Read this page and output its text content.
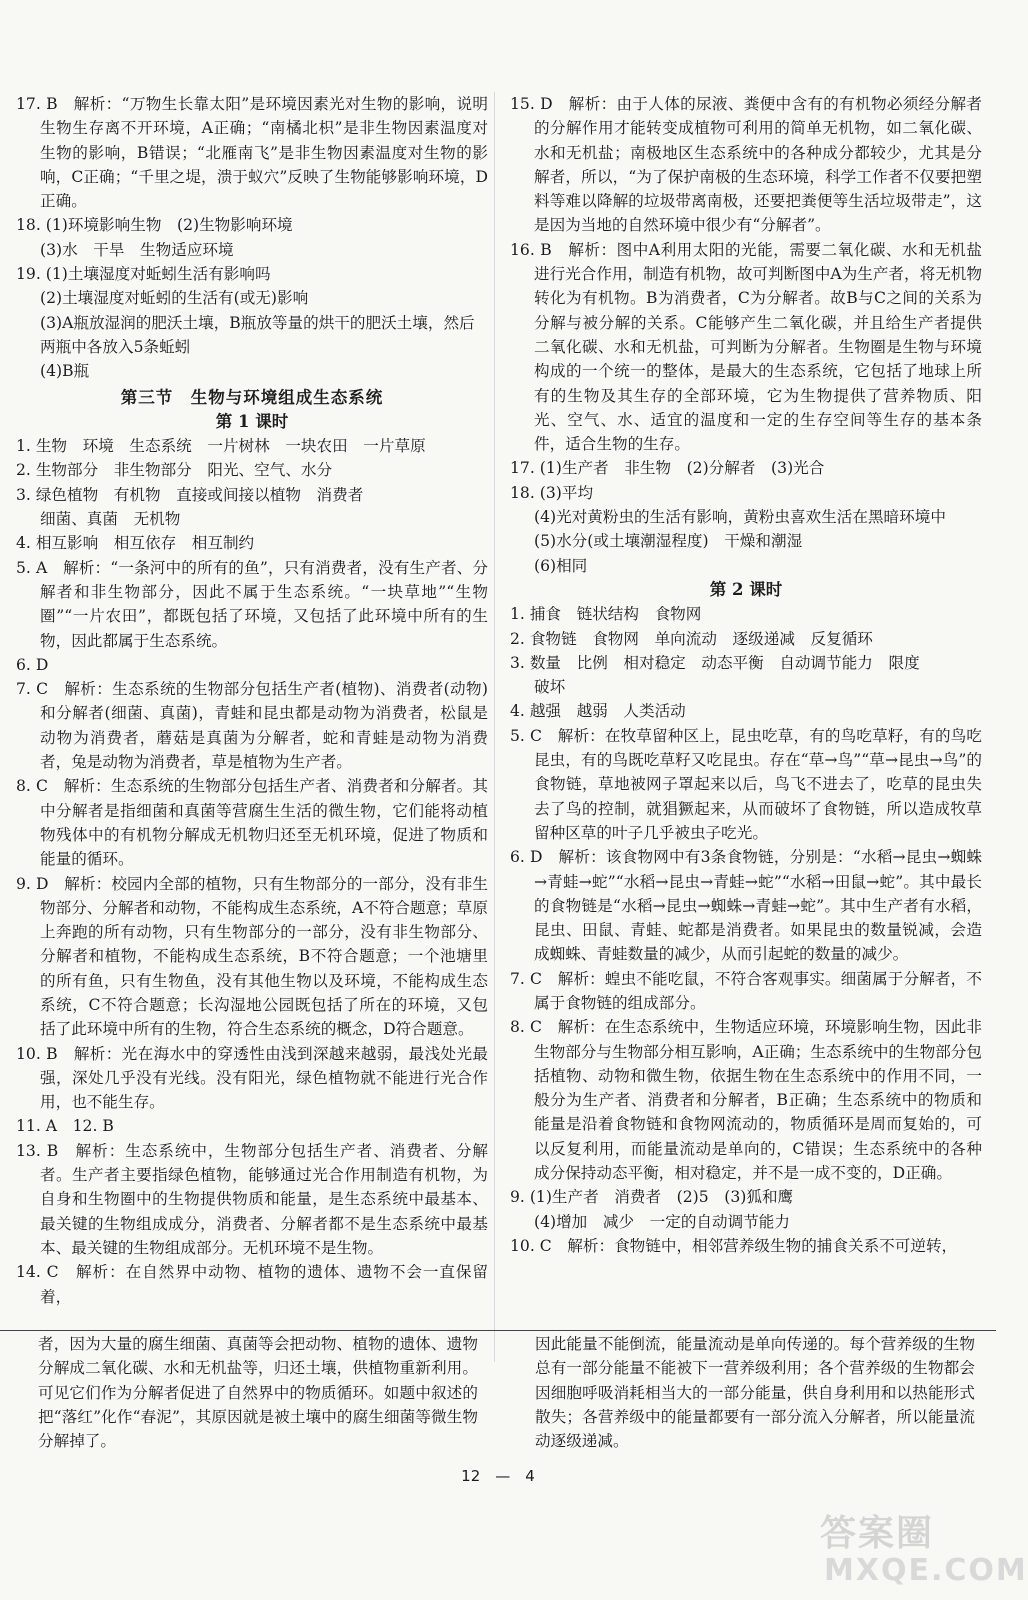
17. B　解析：“万物生长靠太阳”是环境因素光对生物的影响，说明生物生存离不开环境，A正确；“南橘北枳”是非生物因素温度对生物的影响，B错误；“北雁南飞”是非生物因素温度对生物的影响，C正确；“千里之堤，溃于蚁穴”反映了生物能够影响环境，D正确。

18. (1)环境影响生物　(2)生物影响环境

(3)水　干旱　生物适应环境

19. (1)土壤湿度对蚯蚓生活有影响吗

(2)土壤湿度对蚯蚓的生活有(或无)影响

(3)A瓶放湿润的肥沃土壤，B瓶放等量的烘干的肥沃土壤，然后两瓶中各放入5条蚯蚓

(4)B瓶

第三节　生物与环境组成生态系统

第 1 课时

1. 生物　环境　生态系统　一片树林　一块农田　一片草原

2. 生物部分　非生物部分　阳光、空气、水分

3. 绿色植物　有机物　直接或间接以植物　消费者

细菌、真菌　无机物

4. 相互影响　相互依存　相互制约

5. A　解析：“一条河中的所有的鱼”，只有消费者，没有生产者、分解者和非生物部分，因此不属于生态系统。“一块草地”“生物圈”“一片农田”，都既包括了环境，又包括了此环境中所有的生物，因此都属于生态系统。

6. D

7. C　解析：生态系统的生物部分包括生产者(植物)、消费者(动物)和分解者(细菌、真菌)，青蛙和昆虫都是动物为消费者，松鼠是动物为消费者，蘑菇是真菌为分解者，蛇和青蛙是动物为消费者，兔是动物为消费者，草是植物为生产者。

8. C　解析：生态系统的生物部分包括生产者、消费者和分解者。其中分解者是指细菌和真菌等营腐生生活的微生物，它们能将动植物残体中的有机物分解成无机物归还至无机环境，促进了物质和能量的循环。

9. D　解析：校园内全部的植物，只有生物部分的一部分，没有非生物部分、分解者和动物，不能构成生态系统，A不符合题意；草原上奔跑的所有动物，只有生物部分的一部分，没有非生物部分、分解者和植物，不能构成生态系统，B不符合题意；一个池塘里的所有鱼，只有生物鱼，没有其他生物以及环境，不能构成生态系统，C不符合题意；长沟湿地公园既包括了所在的环境，又包括了此环境中所有的生物，符合生态系统的概念，D符合题意。

10. B　解析：光在海水中的穿透性由浅到深越来越弱，最浅处光最强，深处几乎没有光线。没有阳光，绿色植物就不能进行光合作用，也不能生存。

11. A　12. B

13. B　解析：生态系统中，生物部分包括生产者、消费者、分解者。生产者主要指绿色植物，能够通过光合作用制造有机物，为自身和生物圈中的生物提供物质和能量，是生态系统中最基本、最关键的生物组成成分，消费者、分解者都不是生态系统中最基本、最关键的生物组成部分。无机环境不是生物。

14. C　解析：在自然界中动物、植物的遗体、遗物不会一直保留着，

15. D　解析：由于人体的尿液、粪便中含有的有机物必须经分解者的分解作用才能转变成植物可利用的简单无机物，如二氧化碳、水和无机盐；南极地区生态系统中的各种成分都较少，尤其是分解者，所以，“为了保护南极的生态环境，科学工作者不仅要把塑料等难以降解的垃圾带离南极，还要把粪便等生活垃圾带走”，这是因为当地的自然环境中很少有“分解者”。

16. B　解析：图中A利用太阳的光能，需要二氧化碳、水和无机盐进行光合作用，制造有机物，故可判断图中A为生产者，将无机物转化为有机物。B为消费者，C为分解者。故B与C之间的关系为分解与被分解的关系。C能够产生二氧化碳，并且给生产者提供二氧化碳、水和无机盐，可判断为分解者。生物圈是生物与环境构成的一个统一的整体，是最大的生态系统，它包括了地球上所有的生物及其生存的全部环境，它为生物提供了营养物质、阳光、空气、水、适宜的温度和一定的生存空间等生存的基本条件，适合生物的生存。

17. (1)生产者　非生物　(2)分解者　(3)光合

18. (3)平均

(4)光对黄粉虫的生活有影响，黄粉虫喜欢生活在黑暗环境中

(5)水分(或土壤潮湿程度)　干燥和潮湿

(6)相同

第 2 课时

1. 捕食　链状结构　食物网

2. 食物链　食物网　单向流动　逐级递减　反复循环

3. 数量　比例　相对稳定　动态平衡　自动调节能力　限度

破坏

4. 越强　越弱　人类活动

5. C　解析：在牧草留种区上，昆虫吃草，有的鸟吃草籽，有的鸟吃昆虫，有的鸟既吃草籽又吃昆虫。存在“草→鸟”“草→昆虫→鸟”的食物链，草地被网子罩起来以后，鸟飞不进去了，吃草的昆虫失去了鸟的控制，就猖獗起来，从而破坏了食物链，所以造成牧草留种区草的叶子几乎被虫子吃光。

6. D　解析：该食物网中有3条食物链，分别是：“水稻→昆虫→蜘蛛→青蛙→蛇”“水稻→昆虫→青蛙→蛇”“水稻→田鼠→蛇”。其中最长的食物链是“水稻→昆虫→蜘蛛→青蛙→蛇”。其中生产者有水稻，昆虫、田鼠、青蛙、蛇都是消费者。如果昆虫的数量锐减，会造成蜘蛛、青蛙数量的减少，从而引起蛇的数量的减少。

7. C　解析：蝗虫不能吃鼠，不符合客观事实。细菌属于分解者，不属于食物链的组成部分。

8. C　解析：在生态系统中，生物适应环境，环境影响生物，因此非生物部分与生物部分相互影响，A正确；生态系统中的生物部分包括植物、动物和微生物，依据生物在生态系统中的作用不同，一般分为生产者、消费者和分解者，B正确；生态系统中的物质和能量是沿着食物链和食物网流动的，物质循环是周而复始的，可以反复利用，而能量流动是单向的，C错误；生态系统中的各种成分保持动态平衡，相对稳定，并不是一成不变的，D正确。

9. (1)生产者　消费者　(2)5　(3)狐和鹰

(4)增加　减少　一定的自动调节能力

10. C　解析：食物链中，相邻营养级生物的捕食关系不可逆转，

者，因为大量的腐生细菌、真菌等会把动物、植物的遗体、遗物分解成二氧化碳、水和无机盐等，归还土壤，供植物重新利用。可见它们作为分解者促进了自然界中的物质循环。如题中叙述的把“落红”化作“春泥”，其原因就是被土壤中的腐生细菌等微生物分解掉了。

因此能量不能倒流，能量流动是单向传递的。每个营养级的生物总有一部分能量不能被下一营养级利用；各个营养级的生物都会因细胞呼吸消耗相当大的一部分能量，供自身利用和以热能形式散失；各营养级中的能量都要有一部分流入分解者，所以能量流动逐级递减。

12　—　4
答案圈
MXQE.COM
